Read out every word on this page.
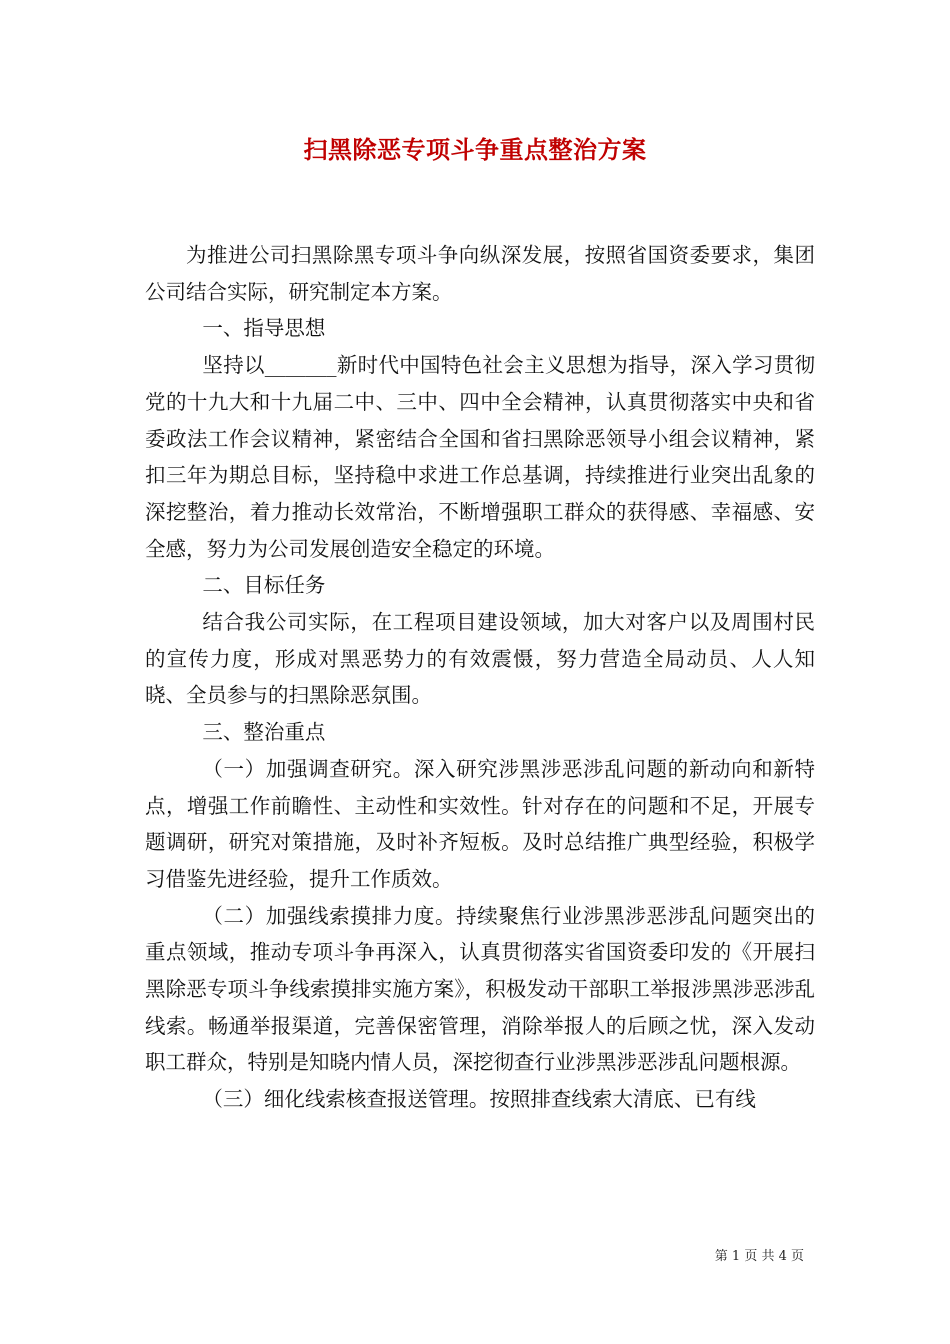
扫黑除恶专项斗争重点整治方案

为推进公司扫黑除黑专项斗争向纵深发展，按照省国资委要求，集团公司结合实际，研究制定本方案。

一、指导思想

坚持以_______新时代中国特色社会主义思想为指导，深入学习贯彻党的十九大和十九届二中、三中、四中全会精神，认真贯彻落实中央和省委政法工作会议精神，紧密结合全国和省扫黑除恶领导小组会议精神，紧扣三年为期总目标，坚持稳中求进工作总基调，持续推进行业突出乱象的深挖整治，着力推动长效常治，不断增强职工群众的获得感、幸福感、安全感，努力为公司发展创造安全稳定的环境。

二、目标任务

结合我公司实际，在工程项目建设领域，加大对客户以及周围村民的宣传力度，形成对黑恶势力的有效震慑，努力营造全局动员、人人知晓、全员参与的扫黑除恶氛围。

三、整治重点

（一）加强调查研究。深入研究涉黑涉恶涉乱问题的新动向和新特点，增强工作前瞻性、主动性和实效性。针对存在的问题和不足，开展专题调研，研究对策措施，及时补齐短板。及时总结推广典型经验，积极学习借鉴先进经验，提升工作质效。

（二）加强线索摸排力度。持续聚焦行业涉黑涉恶涉乱问题突出的重点领域，推动专项斗争再深入，认真贯彻落实省国资委印发的《开展扫黑除恶专项斗争线索摸排实施方案》，积极发动干部职工举报涉黑涉恶涉乱线索。畅通举报渠道，完善保密管理，消除举报人的后顾之忧，深入发动职工群众，特别是知晓内情人员，深挖彻查行业涉黑涉恶涉乱问题根源。

（三）细化线索核查报送管理。按照排查线索大清底、已有线

第 1 页 共 4 页
